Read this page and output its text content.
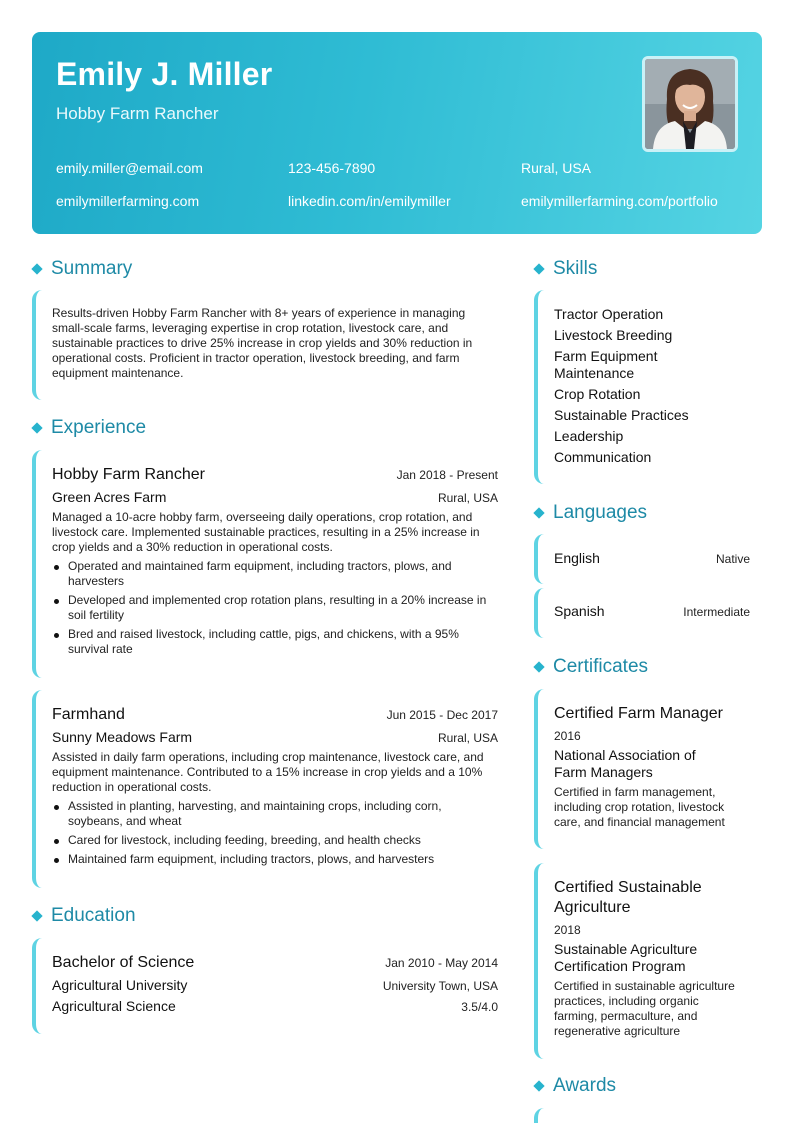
Emily J. Miller
Hobby Farm Rancher
emily.miller@email.com	123-456-7890	Rural, USA
emilymillerfarming.com	linkedin.com/in/emilymiller	emilymillerfarming.com/portfolio
Summary
Results-driven Hobby Farm Rancher with 8+ years of experience in managing small-scale farms, leveraging expertise in crop rotation, livestock care, and sustainable practices to drive 25% increase in crop yields and 30% reduction in operational costs. Proficient in tractor operation, livestock breeding, and farm equipment maintenance.
Experience
Hobby Farm Rancher	Jan 2018 - Present
Green Acres Farm	Rural, USA
Managed a 10-acre hobby farm, overseeing daily operations, crop rotation, and livestock care. Implemented sustainable practices, resulting in a 25% increase in crop yields and a 30% reduction in operational costs.
Operated and maintained farm equipment, including tractors, plows, and harvesters
Developed and implemented crop rotation plans, resulting in a 20% increase in soil fertility
Bred and raised livestock, including cattle, pigs, and chickens, with a 95% survival rate
Farmhand	Jun 2015 - Dec 2017
Sunny Meadows Farm	Rural, USA
Assisted in daily farm operations, including crop maintenance, livestock care, and equipment maintenance. Contributed to a 15% increase in crop yields and a 10% reduction in operational costs.
Assisted in planting, harvesting, and maintaining crops, including corn, soybeans, and wheat
Cared for livestock, including feeding, breeding, and health checks
Maintained farm equipment, including tractors, plows, and harvesters
Education
Bachelor of Science	Jan 2010 - May 2014
Agricultural University	University Town, USA
Agricultural Science	3.5/4.0
Skills
Tractor Operation
Livestock Breeding
Farm Equipment Maintenance
Crop Rotation
Sustainable Practices
Leadership
Communication
Languages
English	Native
Spanish	Intermediate
Certificates
Certified Farm Manager
2016
National Association of Farm Managers
Certified in farm management, including crop rotation, livestock care, and financial management
Certified Sustainable Agriculture
2018
Sustainable Agriculture Certification Program
Certified in sustainable agriculture practices, including organic farming, permaculture, and regenerative agriculture
Awards
